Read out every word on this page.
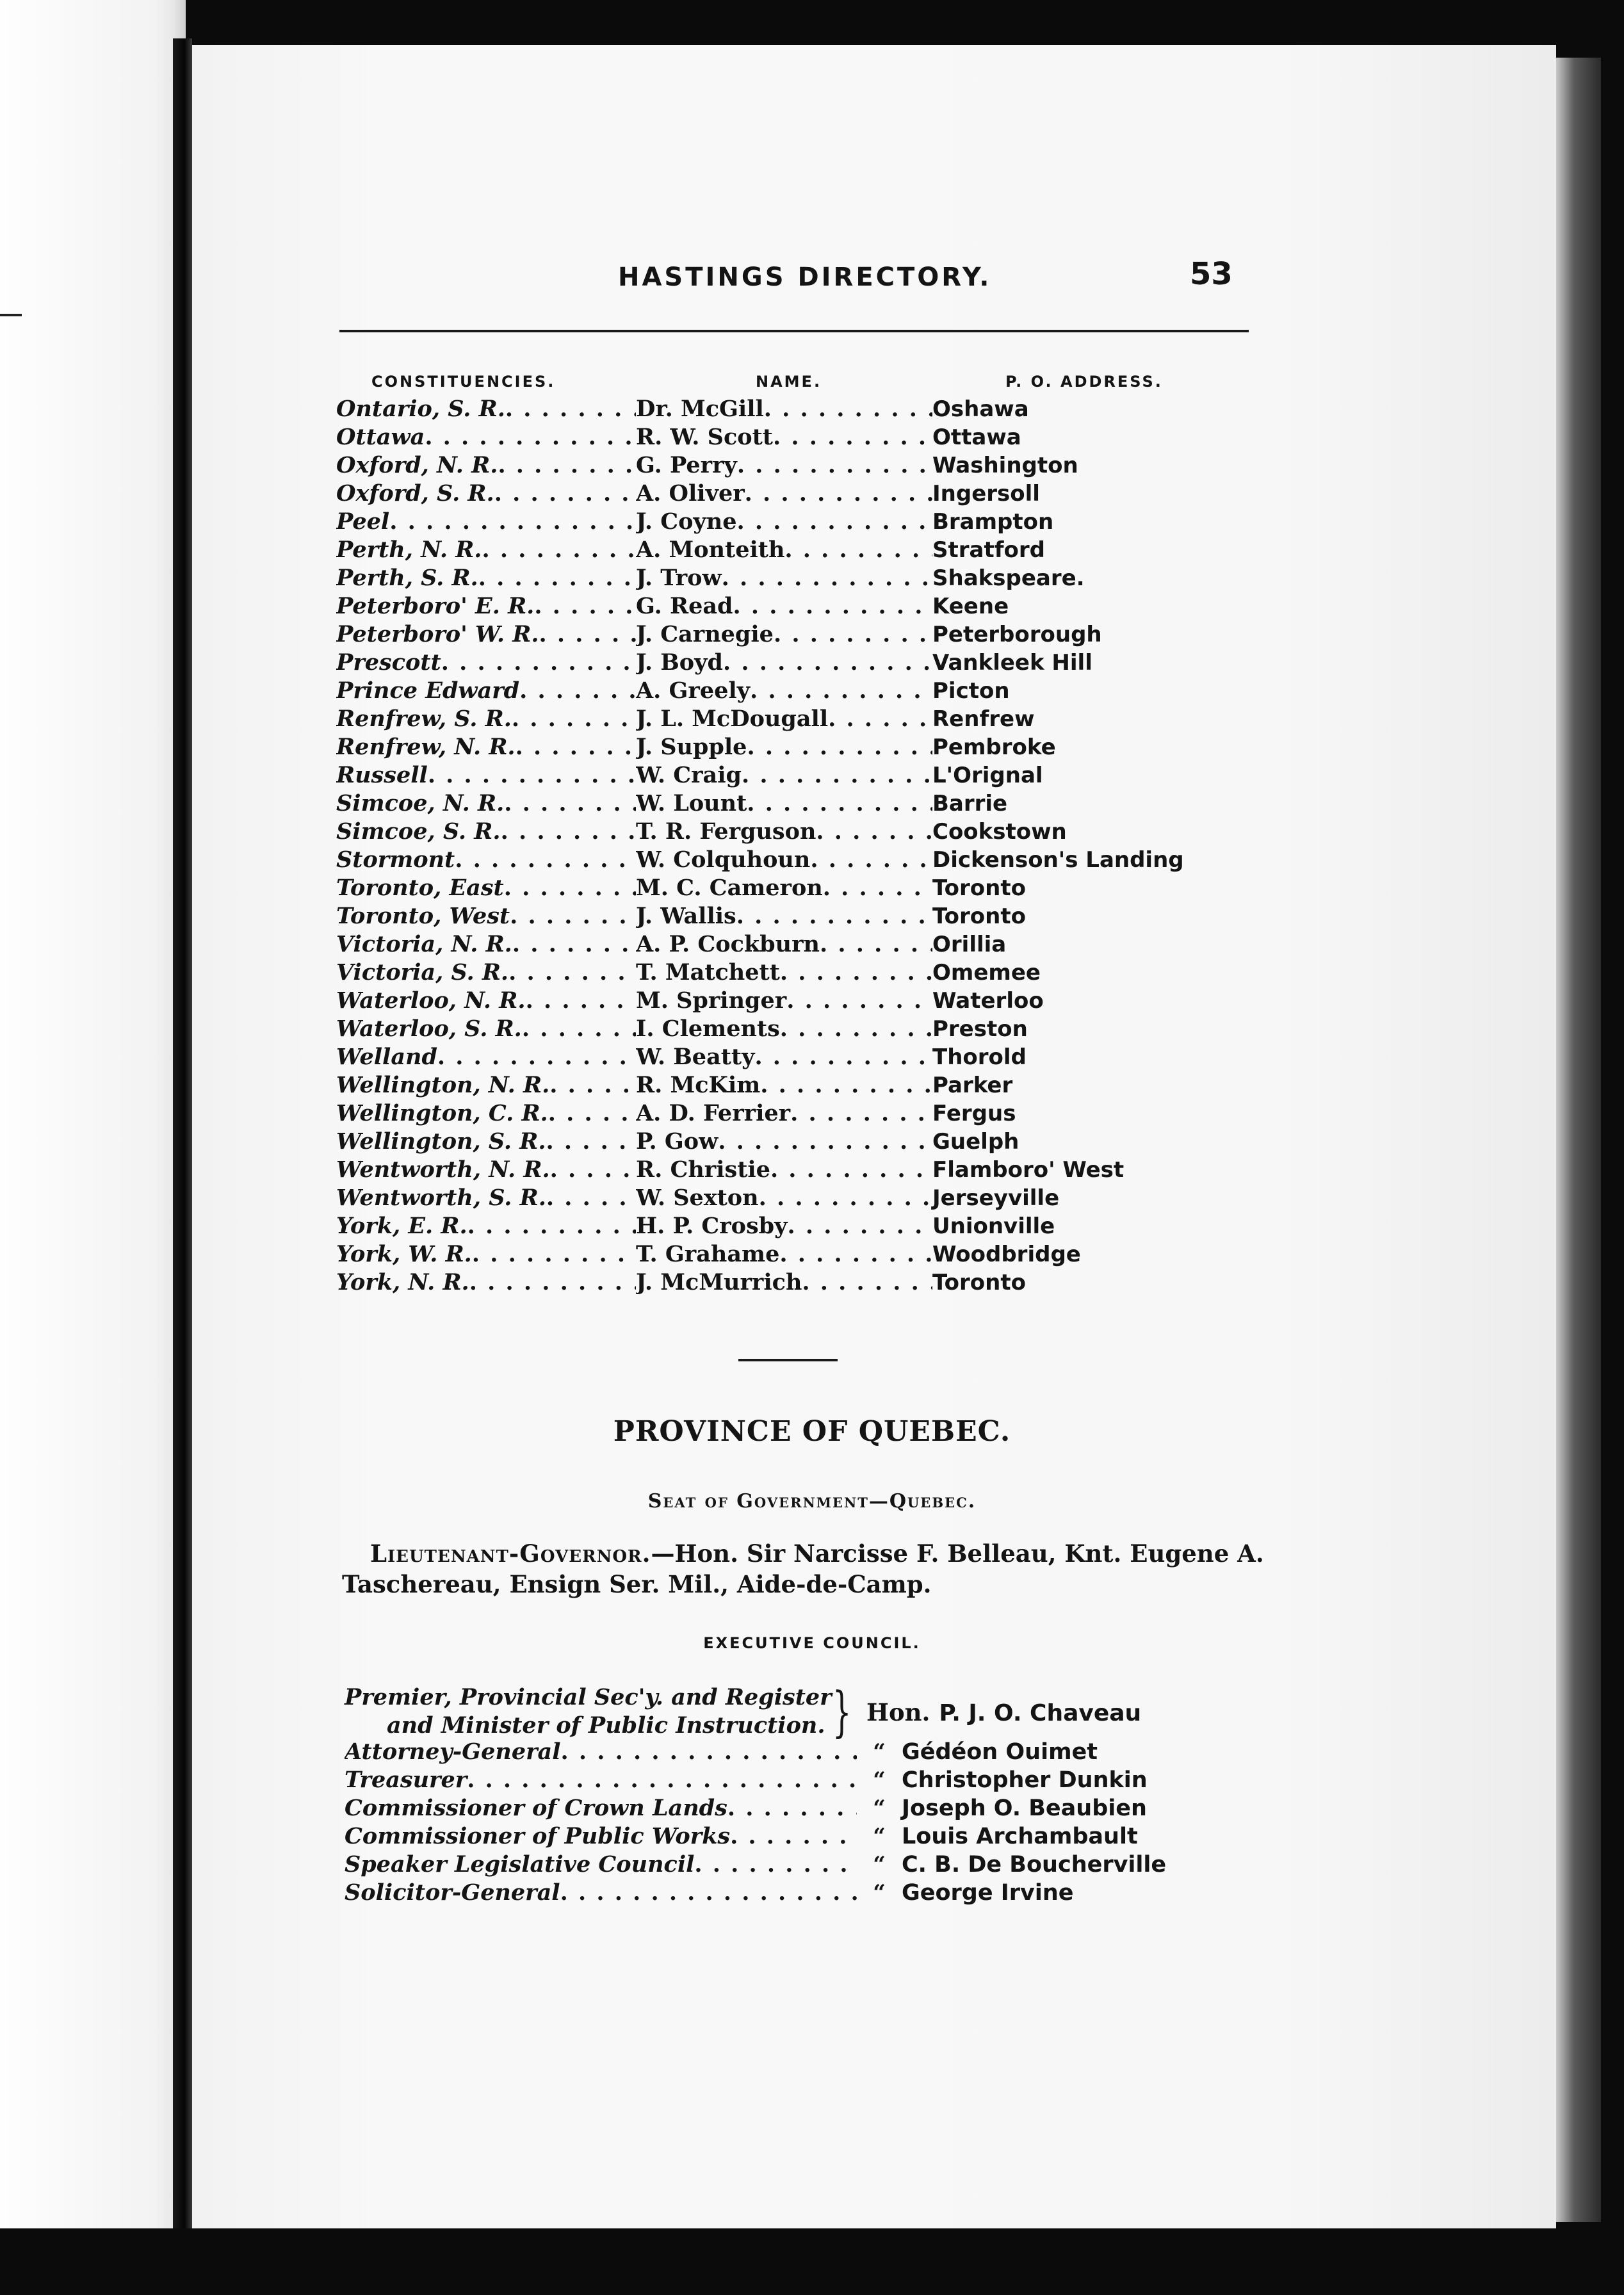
HASTINGS DIRECTORY.	53
CONSTITUENCIES.	NAME.	P. O. ADDRESS.
Ontario, S. R. . . .	Dr. McGill . . .	Oshawa
Ottawa . . .	R. W. Scott . . .	Ottawa
Oxford, N. R. . . .	G. Perry . . .	Washington
Oxford, S. R. . . .	A. Oliver . . .	Ingersoll
Peel . . .	J. Coyne . . .	Brampton
Perth, N. R. . . .	A. Monteith . . .	Stratford
Perth, S. R. . . .	J. Trow . . .	Shakspeare.
Peterboro' E. R. . . .	G. Read . . .	Keene
Peterboro' W. R. . . .	J. Carnegie . . .	Peterborough
Prescott . . .	J. Boyd . . .	Vankleek Hill
Prince Edward . . .	A. Greely . . .	Picton
Renfrew, S. R. . . .	J. L. McDougall . . .	Renfrew
Renfrew, N. R. . . .	J. Supple . . .	Pembroke
Russell . . .	W. Craig . . .	L'Orignal
Simcoe, N. R. . . .	W. Lount . . .	Barrie
Simcoe, S. R. . . .	T. R. Ferguson . . .	Cookstown
Stormont . . .	W. Colquhoun . . .	Dickenson's Landing
Toronto, East . . .	M. C. Cameron . . .	Toronto
Toronto, West . . .	J. Wallis . . .	Toronto
Victoria, N. R. . . .	A. P. Cockburn . . .	Orillia
Victoria, S. R. . . .	T. Matchett . . .	Omemee
Waterloo, N. R. . . .	M. Springer . . .	Waterloo
Waterloo, S. R. . . .	I. Clements . . .	Preston
Welland . . .	W. Beatty . . .	Thorold
Wellington, N. R. . . .	R. McKim . . .	Parker
Wellington, C. R. . . .	A. D. Ferrier . . .	Fergus
Wellington, S. R. . . .	P. Gow . . .	Guelph
Wentworth, N. R. . . .	R. Christie . . .	Flamboro' West
Wentworth, S. R. . . .	W. Sexton . . .	Jerseyville
York, E. R. . . .	H. P. Crosby . . .	Unionville
York, W. R. . . .	T. Grahame . . .	Woodbridge
York, N. R. . . .	J. McMurrich . . .	Toronto
PROVINCE OF QUEBEC.
Seat of Government—Quebec.
Lieutenant-Governor.—Hon. Sir Narcisse F. Belleau, Knt. Eugene A. Taschereau, Ensign Ser. Mil., Aide-de-Camp.
EXECUTIVE COUNCIL.
Premier, Provincial Sec'y. and Register
and Minister of Public Instruction. } Hon. P. J. O. Chaveau
Attorney-General . . .	“ Gédéon Ouimet
Treasurer . . .	“ Christopher Dunkin
Commissioner of Crown Lands . . .	“ Joseph O. Beaubien
Commissioner of Public Works . . .	“ Louis Archambault
Speaker Legislative Council . . .	“ C. B. De Boucherville
Solicitor-General . . .	“ George Irvine
